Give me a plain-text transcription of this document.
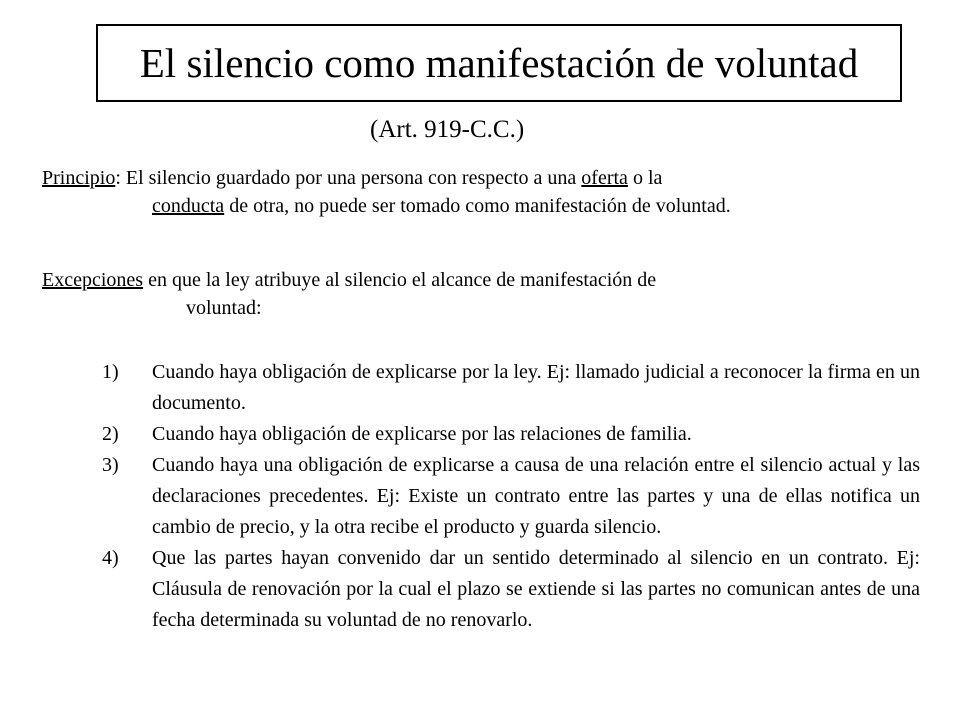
El silencio como manifestación de voluntad
(Art. 919-C.C.)
Principio: El silencio guardado por una persona con respecto a una oferta o la
conducta de otra, no puede ser tomado como manifestación de voluntad.
Excepciones en que la ley atribuye al silencio el alcance de manifestación de
voluntad:
1)	Cuando haya obligación de explicarse por la ley. Ej: llamado judicial a reconocer la firma en un documento.
2)	Cuando haya obligación de explicarse por las relaciones de familia.
3)	Cuando haya una obligación de explicarse a causa de una relación entre el silencio actual y las declaraciones precedentes. Ej: Existe un contrato entre las partes y una de ellas notifica un cambio de precio, y la otra recibe el producto y guarda silencio.
4)	Que las partes hayan convenido dar un sentido determinado al silencio en un contrato. Ej: Cláusula de renovación por la cual el plazo se extiende si las partes no comunican antes de una fecha determinada su voluntad de no renovarlo.
